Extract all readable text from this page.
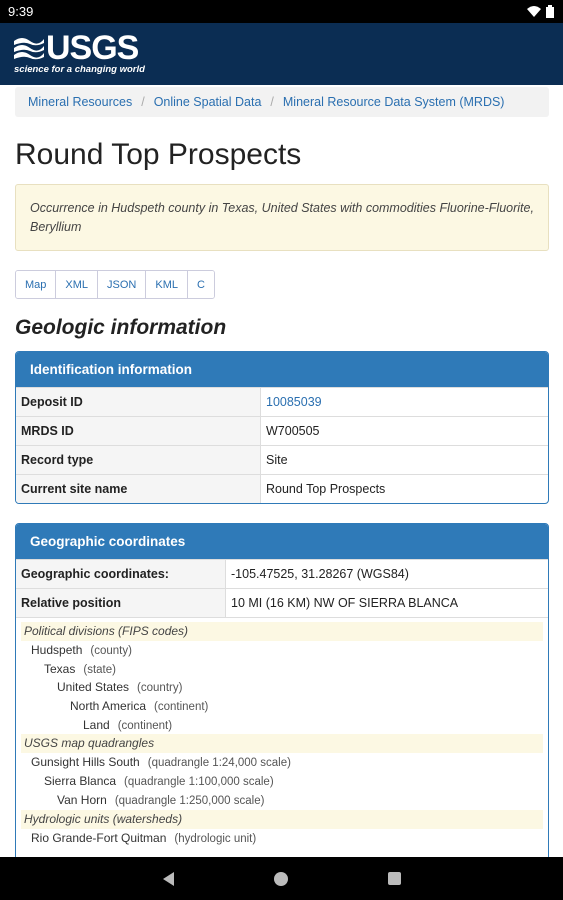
9:39
USGS
science for a changing world
Mineral Resources / Online Spatial Data / Mineral Resource Data System (MRDS)
Round Top Prospects
Occurrence in Hudspeth county in Texas, United States with commodities Fluorine-Fluorite, Beryllium
Map	XML	JSON	KML	C
Geologic information
Identification information
Deposit ID	10085039
MRDS ID	W700505
Record type	Site
Current site name	Round Top Prospects
Geographic coordinates
Geographic coordinates:	-105.47525, 31.28267 (WGS84)
Relative position	10 MI (16 KM) NW OF SIERRA BLANCA
Political divisions (FIPS codes)
Hudspeth (county)
Texas (state)
United States (country)
North America (continent)
Land (continent)
USGS map quadrangles
Gunsight Hills South (quadrangle 1:24,000 scale)
Sierra Blanca (quadrangle 1:100,000 scale)
Van Horn (quadrangle 1:250,000 scale)
Hydrologic units (watersheds)
Rio Grande-Fort Quitman (hydrologic unit)
